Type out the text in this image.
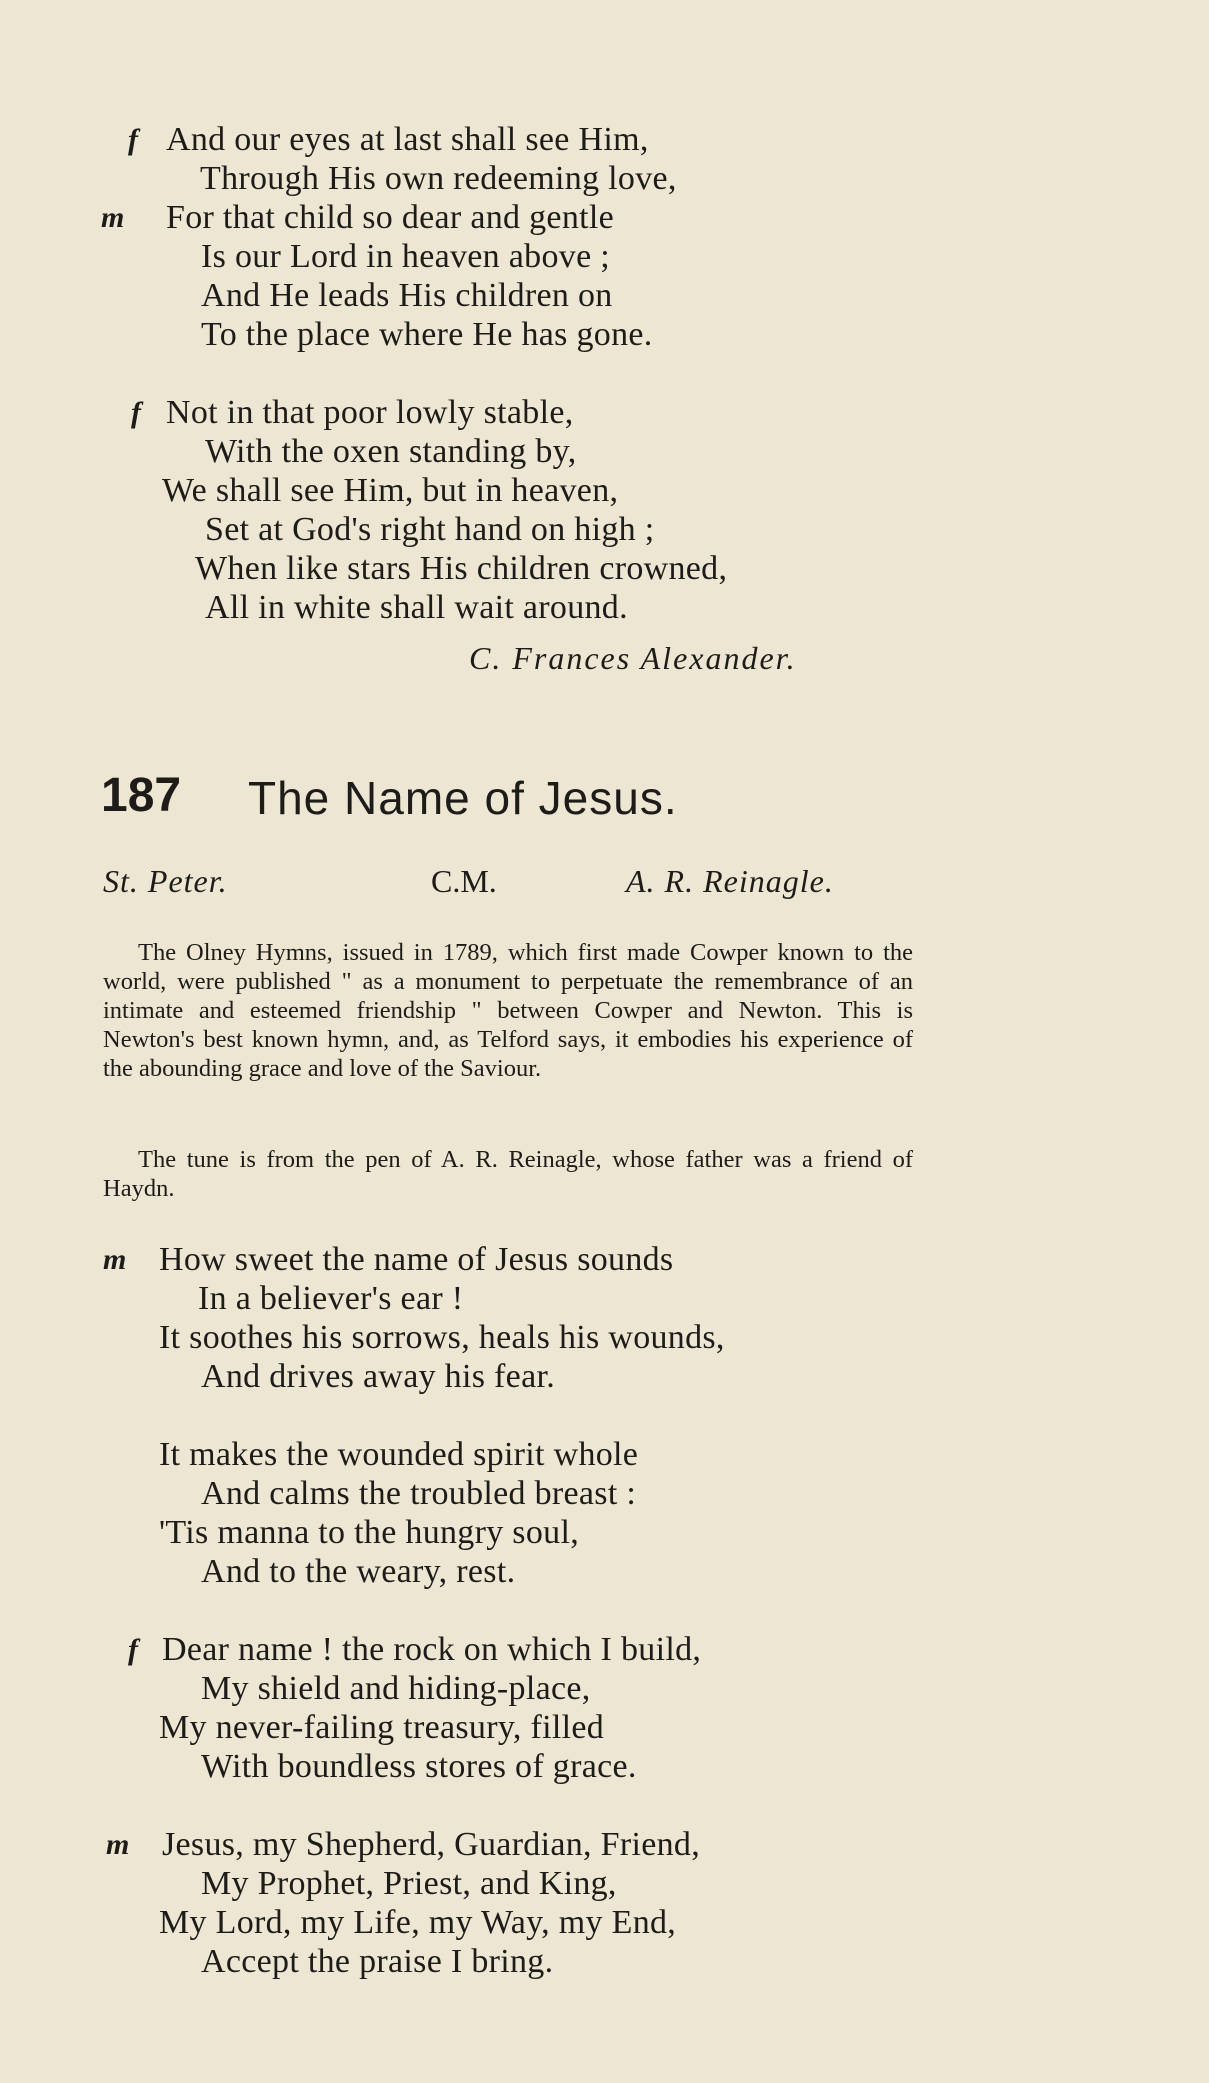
f And our eyes at last shall see Him,
Through His own redeeming love,
m For that child so dear and gentle
Is our Lord in heaven above ;
And He leads His children on
To the place where He has gone.
f Not in that poor lowly stable,
With the oxen standing by,
We shall see Him, but in heaven,
Set at God's right hand on high ;
When like stars His children crowned,
All in white shall wait around.
C. Frances Alexander.
187 The Name of Jesus.
St. Peter.	C.M.	A. R. Reinagle.

The Olney Hymns, issued in 1789, which first made Cowper known to the world, were published " as a monument to perpetuate the remembrance of an intimate and esteemed friendship " between Cowper and Newton. This is Newton's best known hymn, and, as Telford says, it embodies his experience of the abounding grace and love of the Saviour.

The tune is from the pen of A. R. Reinagle, whose father was a friend of Haydn.

m How sweet the name of Jesus sounds
In a believer's ear !
It soothes his sorrows, heals his wounds,
And drives away his fear.
It makes the wounded spirit whole
And calms the troubled breast :
'Tis manna to the hungry soul,
And to the weary, rest.
f Dear name ! the rock on which I build,
My shield and hiding-place,
My never-failing treasury, filled
With boundless stores of grace.
m Jesus, my Shepherd, Guardian, Friend,
My Prophet, Priest, and King,
My Lord, my Life, my Way, my End,
Accept the praise I bring.
